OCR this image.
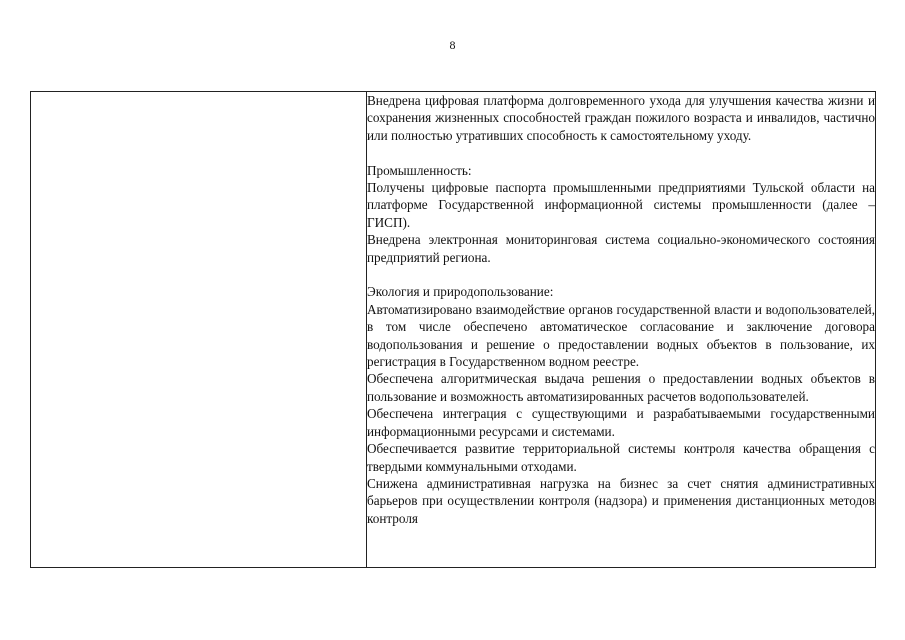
8

Внедрена цифровая платформа долговременного ухода для улучшения качества жизни и сохранения жизненных способностей граждан пожилого возраста и инвалидов, частично или полностью утративших способность к самостоятельному уходу.

Промышленность:

Получены цифровые паспорта промышленными предприятиями Тульской области на платформе Государственной информационной системы промышленности (далее – ГИСП).

Внедрена электронная мониторинговая система социально-экономического состояния предприятий региона.

Экология и природопользование:

Автоматизировано взаимодействие органов государственной власти и водопользователей, в том числе обеспечено автоматическое согласование и заключение договора водопользования и решение о предоставлении водных объектов в пользование, их регистрация в Государственном водном реестре.

Обеспечена алгоритмическая выдача решения о предоставлении водных объектов в пользование и возможность автоматизированных расчетов водопользователей.

Обеспечена интеграция с существующими и разрабатываемыми государственными информационными ресурсами и системами.

Обеспечивается развитие территориальной системы контроля качества обращения с твердыми коммунальными отходами.

Снижена административная нагрузка на бизнес за счет снятия административных барьеров при осуществлении контроля (надзора) и применения дистанционных методов контроля
